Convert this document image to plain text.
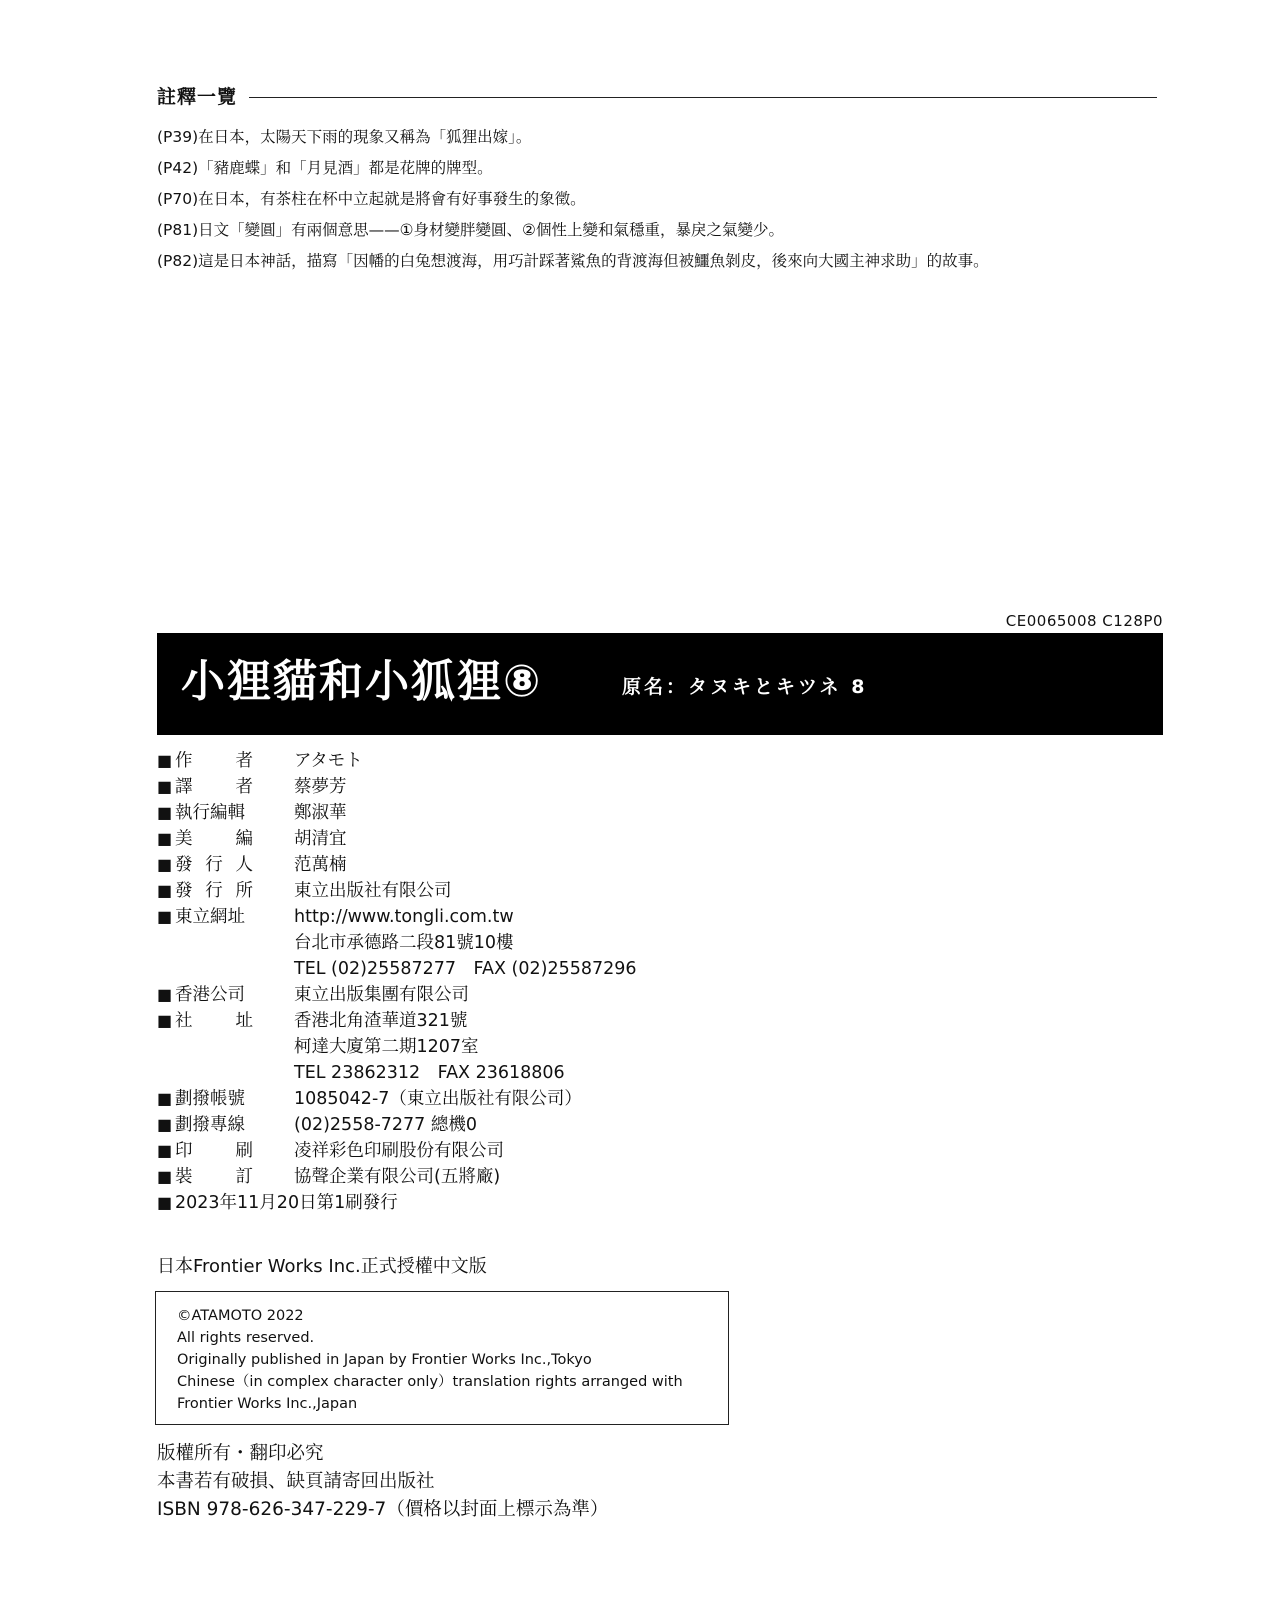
註釋一覽
(P39)在日本，太陽天下雨的現象又稱為「狐狸出嫁」。
(P42)「豬鹿蝶」和「月見酒」都是花牌的牌型。
(P70)在日本，有茶柱在杯中立起就是將會有好事發生的象徵。
(P81)日文「變圓」有兩個意思——①身材變胖變圓、②個性上變和氣穩重，暴戾之氣變少。
(P82)這是日本神話，描寫「因幡的白兔想渡海，用巧計踩著鯊魚的背渡海但被鱷魚剝皮，後來向大國主神求助」的故事。
CE0065008 C128P0
小狸貓和小狐狸⑧	原名：タヌキとキツネ 8
■ 作 者 アタモト
■ 譯 者 蔡夢芳
■ 執行編輯	鄭淑華
■ 美 編 胡清宜
■ 發 行 人 范萬楠
■ 發 行 所 東立出版社有限公司
■ 東立網址	http://www.tongli.com.tw
台北市承德路二段81號10樓
TEL (02)25587277　FAX (02)25587296
■ 香港公司	東立出版集團有限公司
■ 社 址 香港北角渣華道321號
柯達大廈第二期1207室
TEL 23862312　FAX 23618806
■ 劃撥帳號	1085042-7（東立出版社有限公司）
■ 劃撥專線	(02)2558-7277 總機0
■ 印 刷 凌祥彩色印刷股份有限公司
■ 裝 訂 協聲企業有限公司(五將廠)
■ 2023年11月20日第1刷發行
日本Frontier Works Inc.正式授權中文版
©ATAMOTO 2022
All rights reserved.
Originally published in Japan by Frontier Works Inc.,Tokyo
Chinese（in complex character only）translation rights arranged with
Frontier Works Inc.,Japan
版權所有・翻印必究
本書若有破損、缺頁請寄回出版社
ISBN 978-626-347-229-7（價格以封面上標示為準）
